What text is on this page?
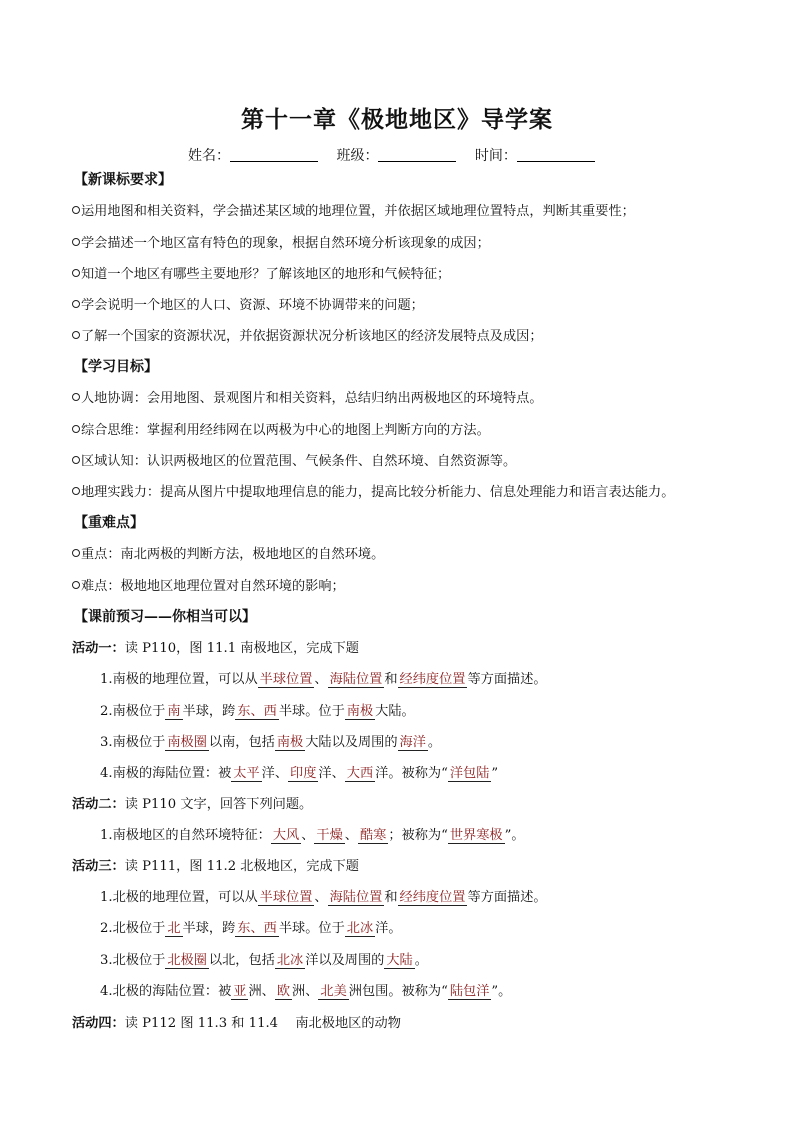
第十一章《极地地区》导学案
姓名：	班级：	时间：
【新课标要求】
运用地图和相关资料，学会描述某区域的地理位置，并依据区域地理位置特点，判断其重要性；
学会描述一个地区富有特色的现象，根据自然环境分析该现象的成因；
知道一个地区有哪些主要地形？了解该地区的地形和气候特征；
学会说明一个地区的人口、资源、环境不协调带来的问题；
了解一个国家的资源状况，并依据资源状况分析该地区的经济发展特点及成因；
【学习目标】
人地协调：会用地图、景观图片和相关资料，总结归纳出两极地区的环境特点。
综合思维：掌握利用经纬网在以两极为中心的地图上判断方向的方法。
区域认知：认识两极地区的位置范围、气候条件、自然环境、自然资源等。
地理实践力：提高从图片中提取地理信息的能力，提高比较分析能力、信息处理能力和语言表达能力。
【重难点】
重点：南北两极的判断方法，极地地区的自然环境。
难点：极地地区地理位置对自然环境的影响；
【课前预习——你相当可以】
活动一：读 P110，图 11.1 南极地区，完成下题
1.南极的地理位置，可以从 半球位置 、 海陆位置 和 经纬度位置 等方面描述。
2.南极位于 南 半球，跨 东、西 半球。位于 南极 大陆。
3.南极位于 南极圈 以南，包括 南极 大陆以及周围的 海洋 。
4.南极的海陆位置：被 太平 洋、 印度 洋、 大西 洋。被称为“ 洋包陆 ”
活动二：读 P110 文字，回答下列问题。
1.南极地区的自然环境特征： 大风 、 干燥 、 酷寒 ；被称为“ 世界寒极 ”。
活动三：读 P111，图 11.2 北极地区，完成下题
1.北极的地理位置，可以从 半球位置 、 海陆位置 和 经纬度位置 等方面描述。
2.北极位于 北 半球，跨 东、西 半球。位于 北冰 洋。
3.北极位于 北极圈 以北，包括 北冰 洋以及周围的 大陆 。
4.北极的海陆位置：被 亚 洲、 欧 洲、 北美 洲包围。被称为“ 陆包洋 ”。
活动四：读 P112 图 11.3 和 11.4　 南北极地区的动物
